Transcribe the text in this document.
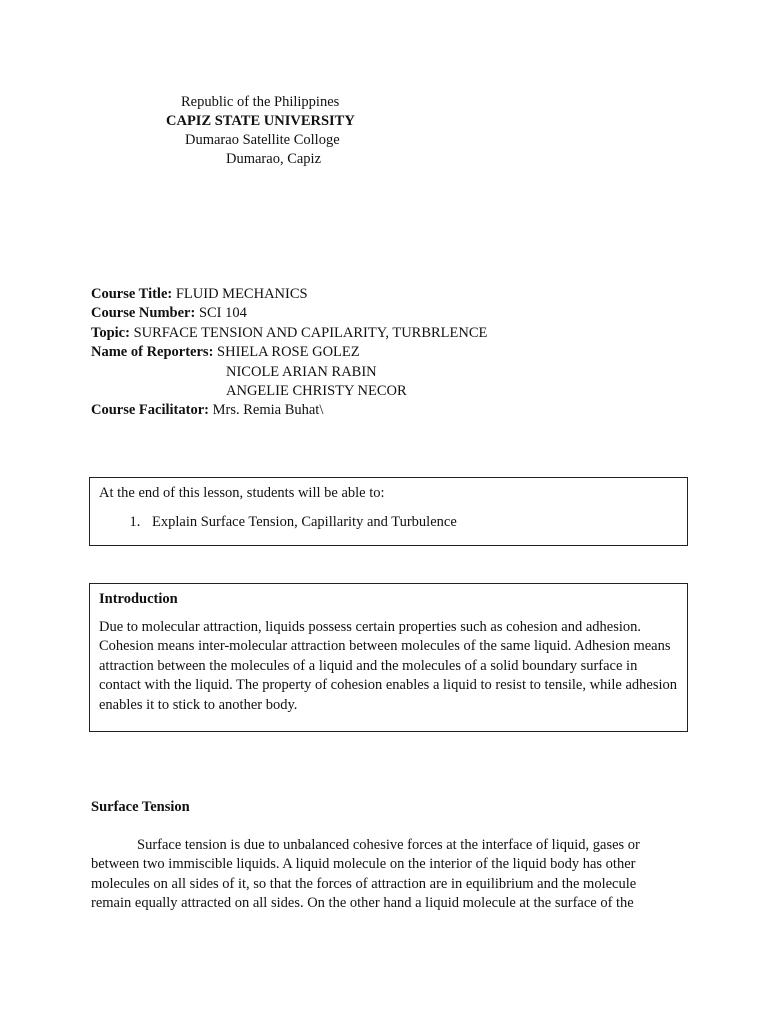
Republic of the Philippines
CAPIZ STATE UNIVERSITY
Dumarao Satellite Colloge
Dumarao, Capiz
Course Title: FLUID MECHANICS
Course Number: SCI 104
Topic: SURFACE TENSION AND CAPILARITY, TURBRLENCE
Name of Reporters: SHIELA ROSE GOLEZ
NICOLE ARIAN RABIN
ANGELIE CHRISTY NECOR
Course Facilitator: Mrs. Remia Buhat\
At the end of this lesson, students will be able to:
1. Explain Surface Tension, Capillarity and Turbulence
Introduction
Due to molecular attraction, liquids possess certain properties such as cohesion and adhesion. Cohesion means inter-molecular attraction between molecules of the same liquid. Adhesion means attraction between the molecules of a liquid and the molecules of a solid boundary surface in contact with the liquid. The property of cohesion enables a liquid to resist to tensile, while adhesion enables it to stick to another body.
Surface Tension
Surface tension is due to unbalanced cohesive forces at the interface of liquid, gases or between two immiscible liquids. A liquid molecule on the interior of the liquid body has other molecules on all sides of it, so that the forces of attraction are in equilibrium and the molecule remain equally attracted on all sides. On the other hand a liquid molecule at the surface of the
